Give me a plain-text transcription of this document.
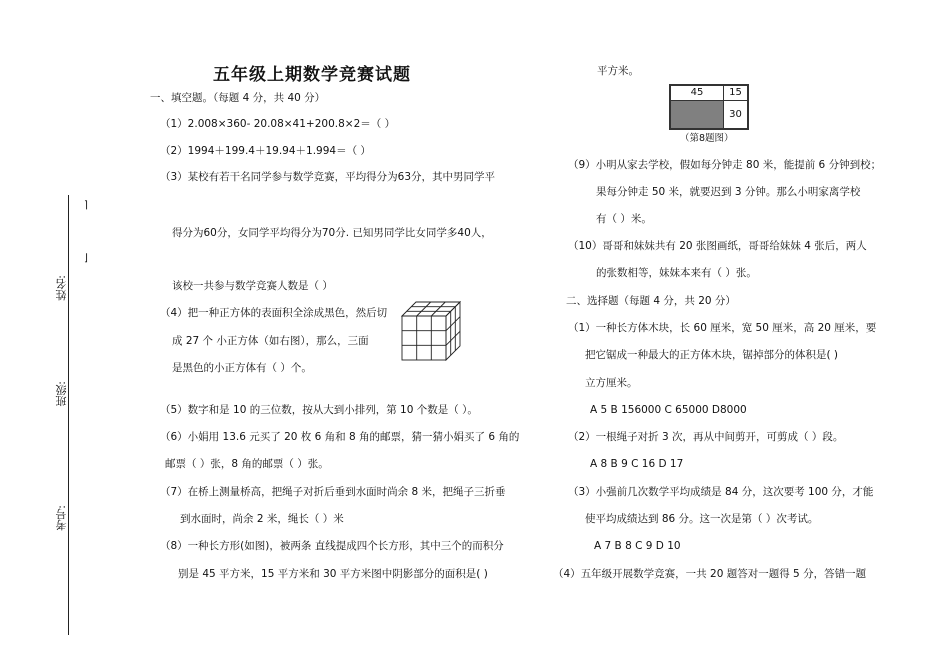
⌉
⌋
姓名:
班级:
考号:
五年级上期数学竞赛试题
一、填空题。（每题 4 分，共 40 分）
（1）2.008×360- 20.08×41+200.8×2＝（ ）
（2）1994＋199.4＋19.94＋1.994＝（ ）
（3）某校有若干名同学参与数学竞赛，平均得分为63分，其中男同学平
得分为60分，女同学平均得分为70分. 已知男同学比女同学多40人，
该校一共参与数学竞赛人数是（ ）
（4）把一种正方体的表面积全涂成黑色，然后切
成 27 个 小正方体（如右图），那么，三面
是黑色的小正方体有（ ）个。
（5）数字和是 10 的三位数，按从大到小排列，第 10 个数是（ ）。
（6）小娟用 13.6 元买了 20 枚 6 角和 8 角的邮票，猜一猜小娟买了 6 角的
邮票（ ）张，8 角的邮票（ ）张。
（7）在桥上测量桥高，把绳子对折后垂到水面时尚余 8 米，把绳子三折垂
到水面时，尚余 2 米，绳长（ ）米
（8）一种长方形(如图)，被两条 直线提成四个长方形，其中三个的而积分
别是 45 平方米，15 平方米和 30 平方米图中阴影部分的面积是( )
平方米。
45	15
30
（第8题图）
（9）小明从家去学校，假如每分钟走 80 米，能提前 6 分钟到校；
果每分钟走 50 米，就要迟到 3 分钟。那么小明家离学校
有（ ）米。
（10）哥哥和妹妹共有 20 张图画纸，哥哥给妹妹 4 张后，两人
的张数相等，妹妹本来有（ ）张。
二、选择题（每题 4 分，共 20 分）
（1）一种长方体木块，长 60 厘米，宽 50 厘米，高 20 厘米，要
把它锯成一种最大的正方体木块，锯掉部分的体积是( )
立方厘米。
A 5 B 156000 C 65000 D8000
（2）一根绳子对折 3 次，再从中间剪开，可剪成（ ）段。
A 8 B 9 C 16 D 17
（3）小强前几次数学平均成绩是 84 分，这次要考 100 分，才能
使平均成绩达到 86 分。这一次是第（ ）次考试。
A 7 B 8 C 9 D 10
（4）五年级开展数学竞赛，一共 20 题答对一题得 5 分，答错一题
